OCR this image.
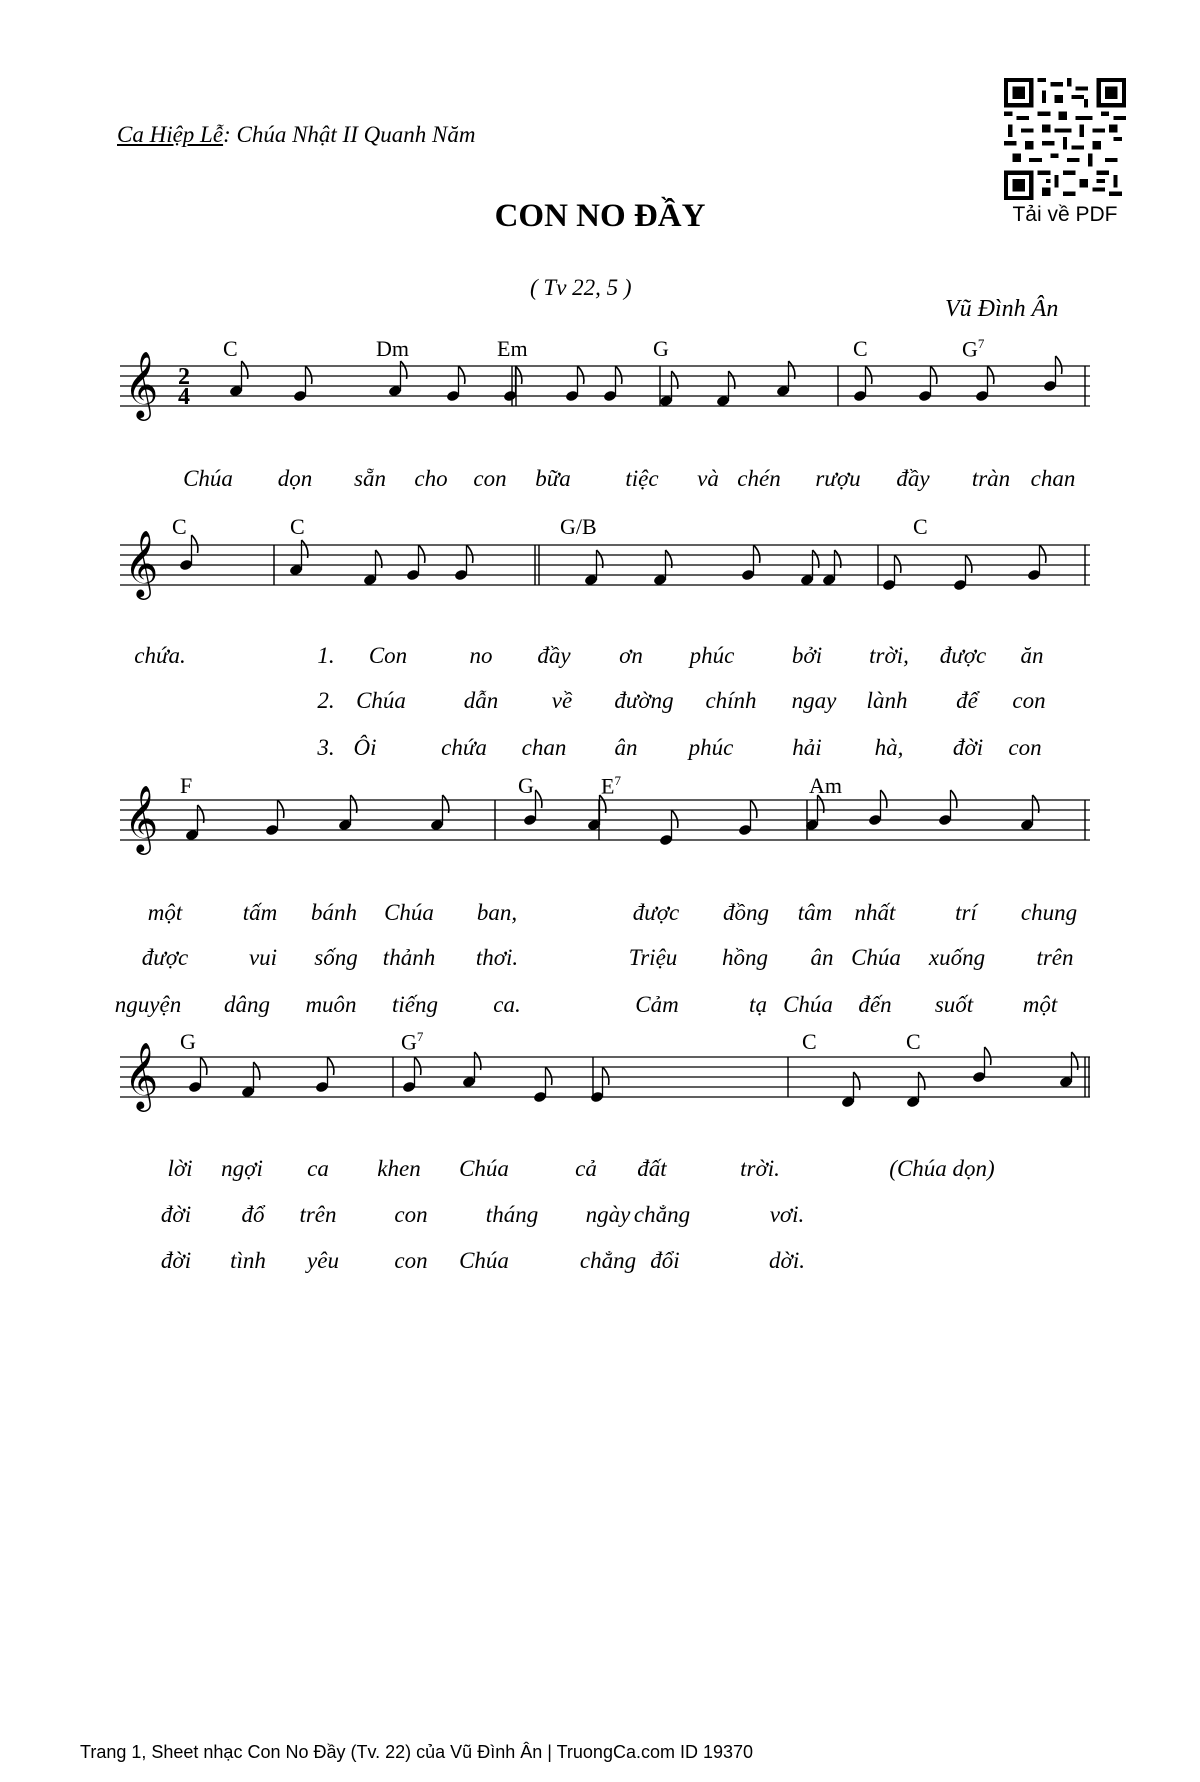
Ca Hiệp Lễ: Chúa Nhật II Quanh Năm
CON NO ĐẦY
( Tv 22, 5 )
Vũ Đình Ân
Tải về PDF
C	Dm	Em	G	C	$G^7$
𝄞 2
4
Chúa dọn sẵn cho con bữa tiệc và chén rượu đầy tràn chan
C	C	G/B	C
𝄞
chứa.	1. Con	no đầy ơn phúc	bởi trời, được ăn
2. Chúa	dẫn về đường chính ngay lành để con
3. Ôi	chứa chan ân phúc	hải hà, đời con
F	G	$E^7$	Am
𝄞
một	tấm bánh Chúa ban,	được đồng tâm nhất	trí chung
được	vui sống thảnh thơi.	Triệu hồng ân Chúa xuống trên
nguyện dâng muôn tiếng ca.	Cảm	tạ Chúa đến suốt một
G	$G^7$	C	C
𝄞
lời ngợi ca khen Chúa	cả đất	trời.	(Chúa dọn)
đời đổ trên	con	tháng ngày chẳng	vơi.
đời tình yêu con Chúa	chẳng đổi	dời.
Trang 1, Sheet nhạc Con No Đầy (Tv. 22) của Vũ Đình Ân | TruongCa.com ID 19370
